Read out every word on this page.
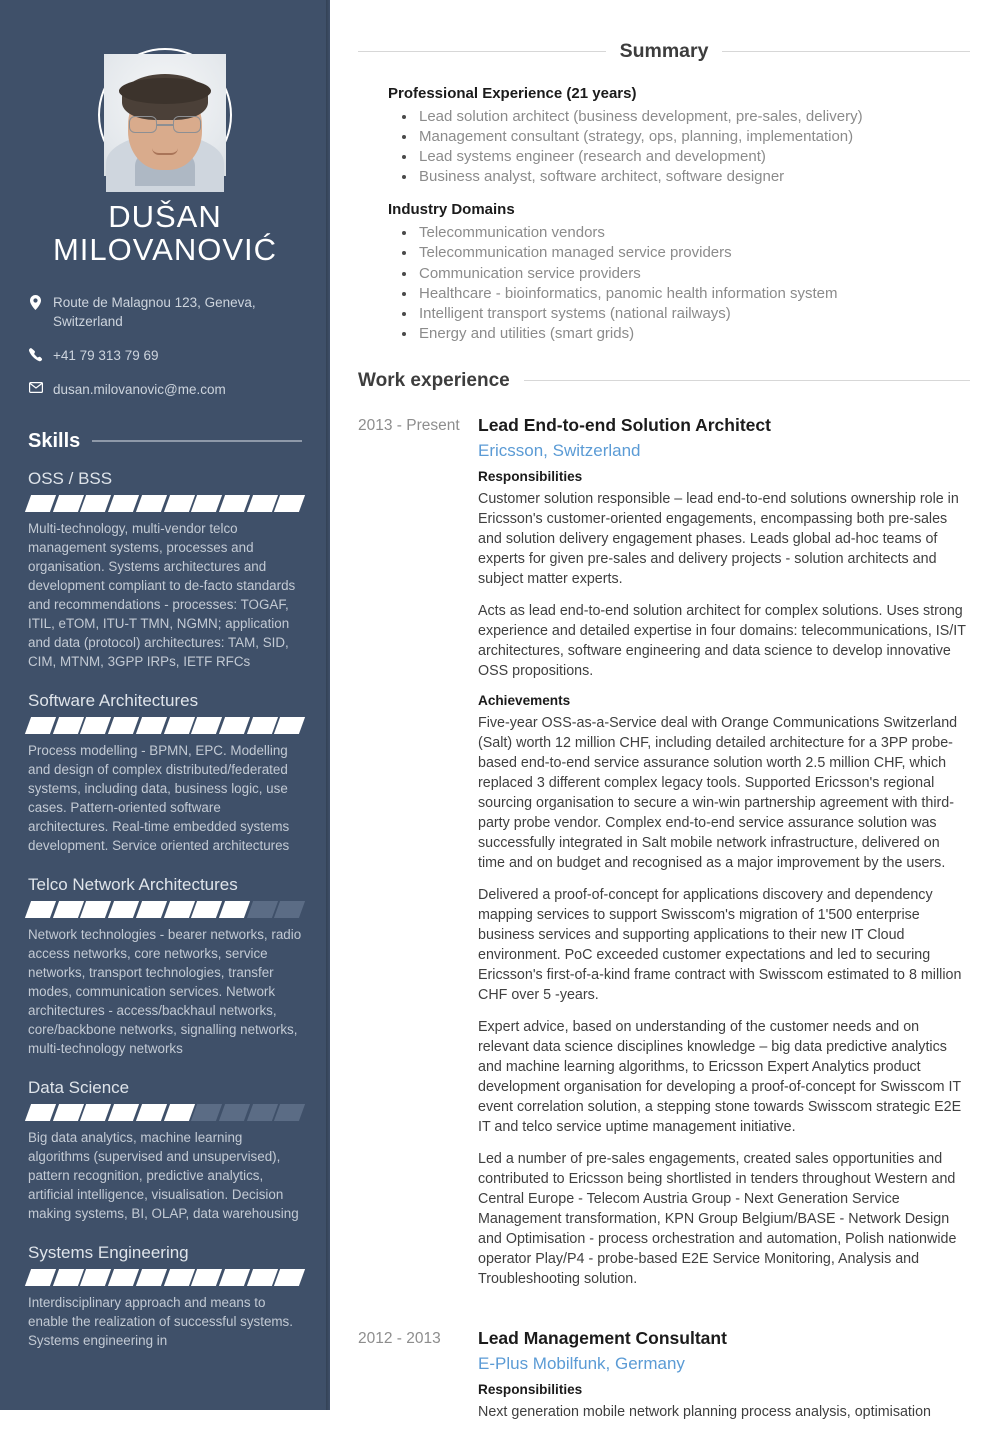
DUŠAN
MILOVANOVIĆ
Route de Malagnou 123, Geneva, Switzerland
+41 79 313 79 69
dusan.milovanovic@me.com
Skills
OSS / BSS
Multi-technology, multi-vendor telco management systems, processes and organisation. Systems architectures and development compliant to de-facto standards and recommendations - processes: TOGAF, ITIL, eTOM, ITU-T TMN, NGMN; application and data (protocol) architectures: TAM, SID, CIM, MTNM, 3GPP IRPs, IETF RFCs
Software Architectures
Process modelling - BPMN, EPC. Modelling and design of complex distributed/federated systems, including data, business logic, use cases. Pattern-oriented software architectures. Real-time embedded systems development. Service oriented architectures
Telco Network Architectures
Network technologies - bearer networks, radio access networks, core networks, service networks, transport technologies, transfer modes, communication services. Network architectures - access/backhaul networks, core/backbone networks, signalling networks, multi-technology networks
Data Science
Big data analytics, machine learning algorithms (supervised and unsupervised), pattern recognition, predictive analytics, artificial intelligence, visualisation. Decision making systems, BI, OLAP, data warehousing
Systems Engineering
Interdisciplinary approach and means to enable the realization of successful systems. Systems engineering in
Summary
Professional Experience (21 years)
Lead solution architect (business development, pre-sales, delivery)
Management consultant (strategy, ops, planning, implementation)
Lead systems engineer (research and development)
Business analyst, software architect, software designer
Industry Domains
Telecommunication vendors
Telecommunication managed service providers
Communication service providers
Healthcare - bioinformatics, panomic health information system
Intelligent transport systems (national railways)
Energy and utilities (smart grids)
Work experience
2013 - Present	Lead End-to-end Solution Architect
Ericsson, Switzerland
Responsibilities

Customer solution responsible – lead end-to-end solutions ownership role in Ericsson's customer-oriented engagements, encompassing both pre-sales and solution delivery engagement phases. Leads global ad-hoc teams of experts for given pre-sales and delivery projects - solution architects and subject matter experts.

Acts as lead end-to-end solution architect for complex solutions. Uses strong experience and detailed expertise in four domains: telecommunications, IS/IT architectures, software engineering and data science to develop innovative OSS propositions.

Achievements

Five-year OSS-as-a-Service deal with Orange Communications Switzerland (Salt) worth 12 million CHF, including detailed architecture for a 3PP probe-based end-to-end service assurance solution worth 2.5 million CHF, which replaced 3 different complex legacy tools. Supported Ericsson's regional sourcing organisation to secure a win-win partnership agreement with third-party probe vendor. Complex end-to-end service assurance solution was successfully integrated in Salt mobile network infrastructure, delivered on time and on budget and recognised as a major improvement by the users.

Delivered a proof-of-concept for applications discovery and dependency mapping services to support Swisscom's migration of 1'500 enterprise business services and supporting applications to their new IT Cloud environment. PoC exceeded customer expectations and led to securing Ericsson's first-of-a-kind frame contract with Swisscom estimated to 8 million CHF over 5 -years.

Expert advice, based on understanding of the customer needs and on relevant data science disciplines knowledge – big data predictive analytics and machine learning algorithms, to Ericsson Expert Analytics product development organisation for developing a proof-of-concept for Swisscom IT event correlation solution, a stepping stone towards Swisscom strategic E2E IT and telco service uptime management initiative.

Led a number of pre-sales engagements, created sales opportunities and contributed to Ericsson being shortlisted in tenders throughout Western and Central Europe - Telecom Austria Group - Next Generation Service Management transformation, KPN Group Belgium/BASE - Network Design and Optimisation - process orchestration and automation, Polish nationwide operator Play/P4 - probe-based E2E Service Monitoring, Analysis and Troubleshooting solution.

2012 - 2013	Lead Management Consultant
E-Plus Mobilfunk, Germany
Responsibilities

Next generation mobile network planning process analysis, optimisation
